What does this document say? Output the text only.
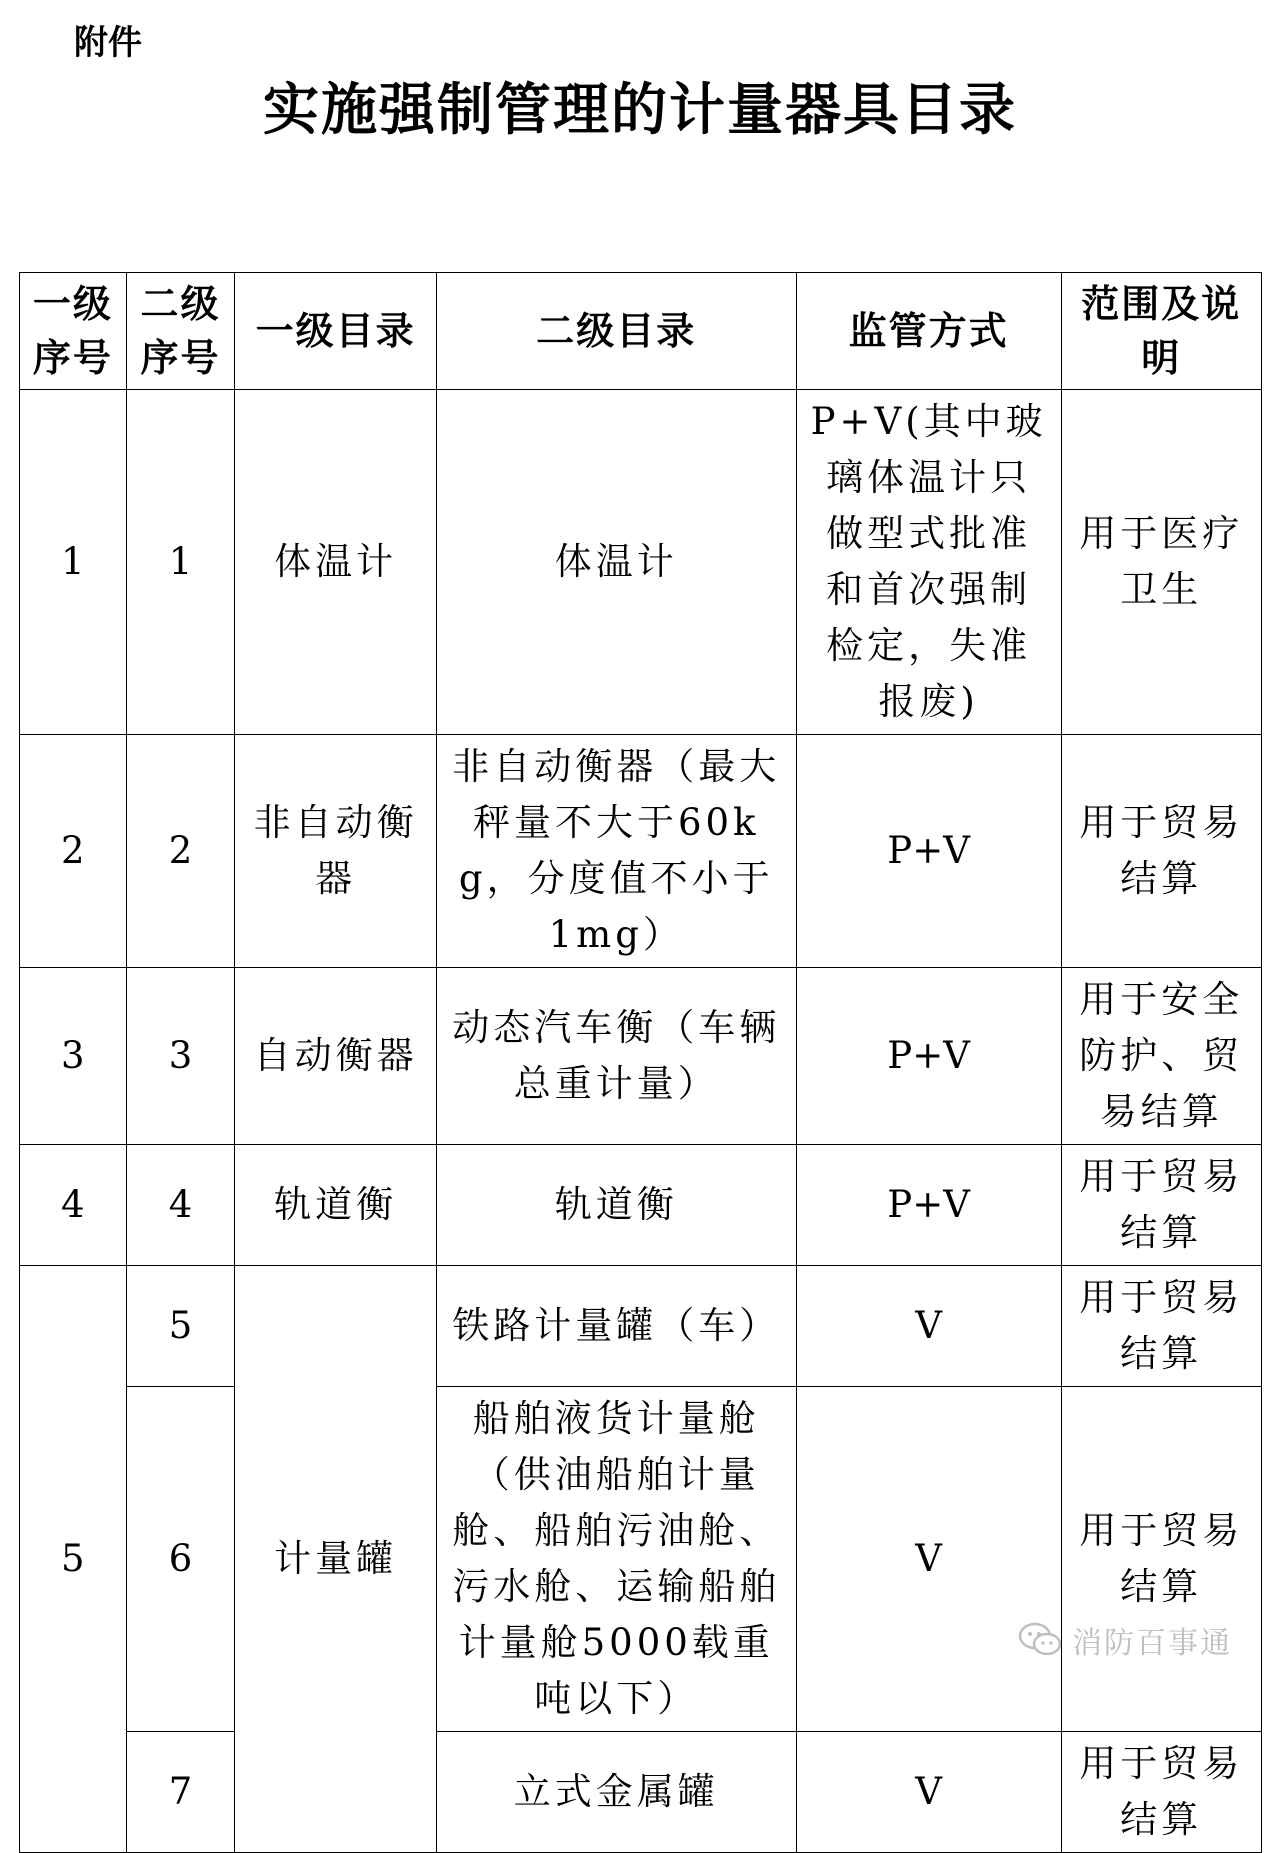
附件
实施强制管理的计量器具目录
一级序号	二级序号	一级目录	二级目录	监管方式	范围及说明
1	1	体温计	体温计	P+V(其中玻璃体温计只做型式批准和首次强制检定，失准报废)	用于医疗卫生
2	2	非自动衡器	非自动衡器（最大秤量不大于60kg，分度值不小于1mg）	P+V	用于贸易结算
3	3	自动衡器	动态汽车衡（车辆总重计量）	P+V	用于安全防护、贸易结算
4	4	轨道衡	轨道衡	P+V	用于贸易结算
5	5	计量罐	铁路计量罐（车）	V	用于贸易结算
	6		船舶液货计量舱（供油船舶计量舱、船舶污油舱、污水舱、运输船舶计量舱5000载重吨以下）	V	用于贸易结算
	7		立式金属罐	V	用于贸易结算
消防百事通
